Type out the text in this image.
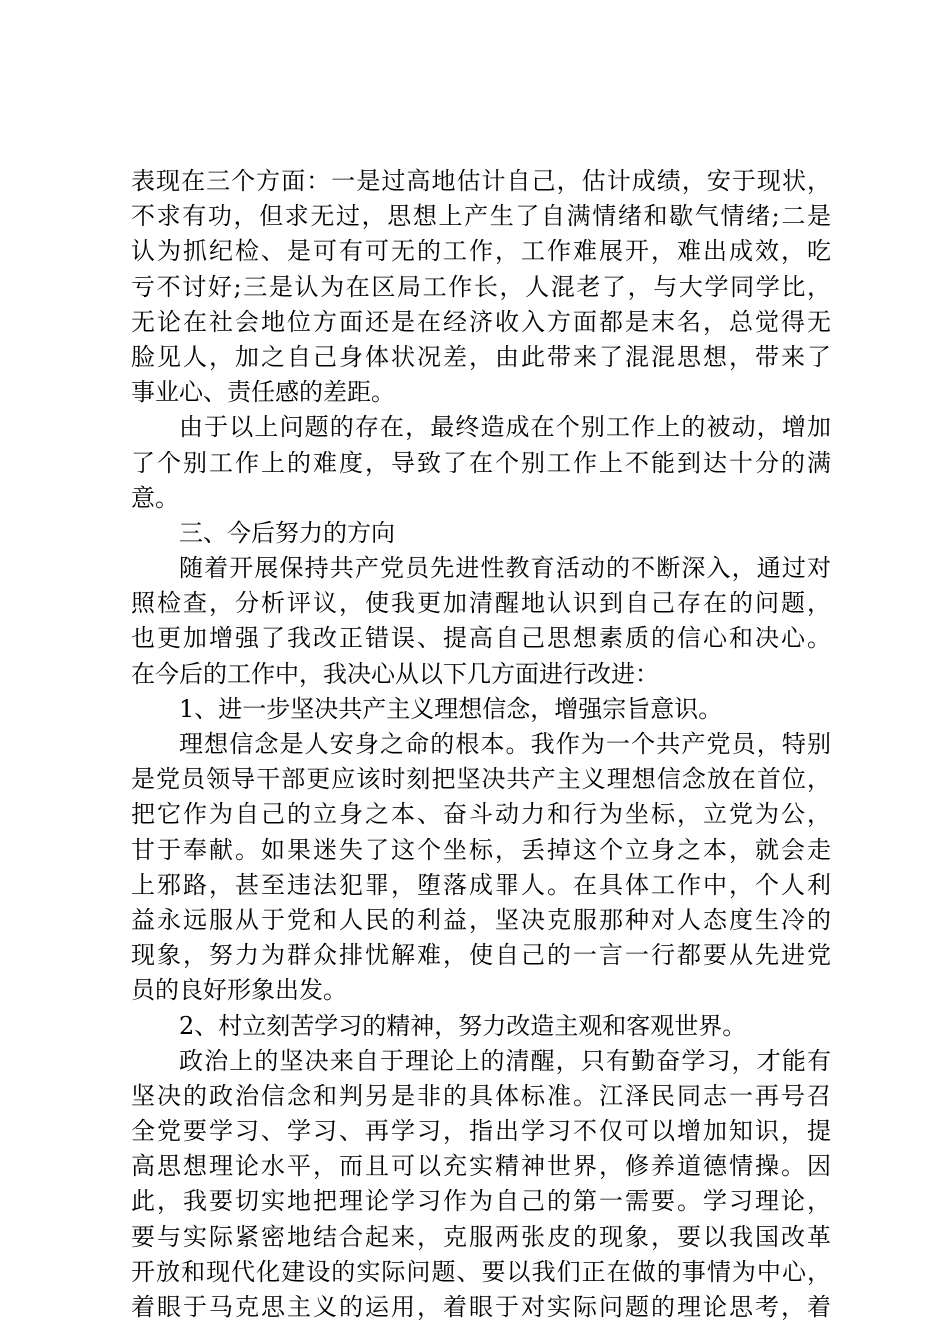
表现在三个方面：一是过高地估计自己，估计成绩，安于现状，
不求有功，但求无过，思想上产生了自满情绪和歇气情绪;二是
认为抓纪检、是可有可无的工作，工作难展开，难出成效，吃
亏不讨好;三是认为在区局工作长，人混老了，与大学同学比，
无论在社会地位方面还是在经济收入方面都是末名，总觉得无
脸见人，加之自己身体状况差，由此带来了混混思想，带来了
事业心、责任感的差距。
由于以上问题的存在，最终造成在个别工作上的被动，增加
了个别工作上的难度，导致了在个别工作上不能到达十分的满
意。
三、今后努力的方向
随着开展保持共产党员先进性教育活动的不断深入，通过对
照检查，分析评议，使我更加清醒地认识到自己存在的问题，
也更加增强了我改正错误、提高自己思想素质的信心和决心。
在今后的工作中，我决心从以下几方面进行改进：
1、进一步坚决共产主义理想信念，增强宗旨意识。
理想信念是人安身之命的根本。我作为一个共产党员，特别
是党员领导干部更应该时刻把坚决共产主义理想信念放在首位，
把它作为自己的立身之本、奋斗动力和行为坐标，立党为公，
甘于奉献。如果迷失了这个坐标，丢掉这个立身之本，就会走
上邪路，甚至违法犯罪，堕落成罪人。在具体工作中，个人利
益永远服从于党和人民的利益，坚决克服那种对人态度生冷的
现象，努力为群众排忧解难，使自己的一言一行都要从先进党
员的良好形象出发。
2、村立刻苦学习的精神，努力改造主观和客观世界。
政治上的坚决来自于理论上的清醒，只有勤奋学习，才能有
坚决的政治信念和判另是非的具体标准。江泽民同志一再号召
全党要学习、学习、再学习，指出学习不仅可以增加知识，提
高思想理论水平，而且可以充实精神世界，修养道德情操。因
此，我要切实地把理论学习作为自己的第一需要。学习理论，
要与实际紧密地结合起来，克服两张皮的现象，要以我国改革
开放和现代化建设的实际问题、要以我们正在做的事情为中心，
着眼于马克思主义的运用，着眼于对实际问题的理论思考，着
